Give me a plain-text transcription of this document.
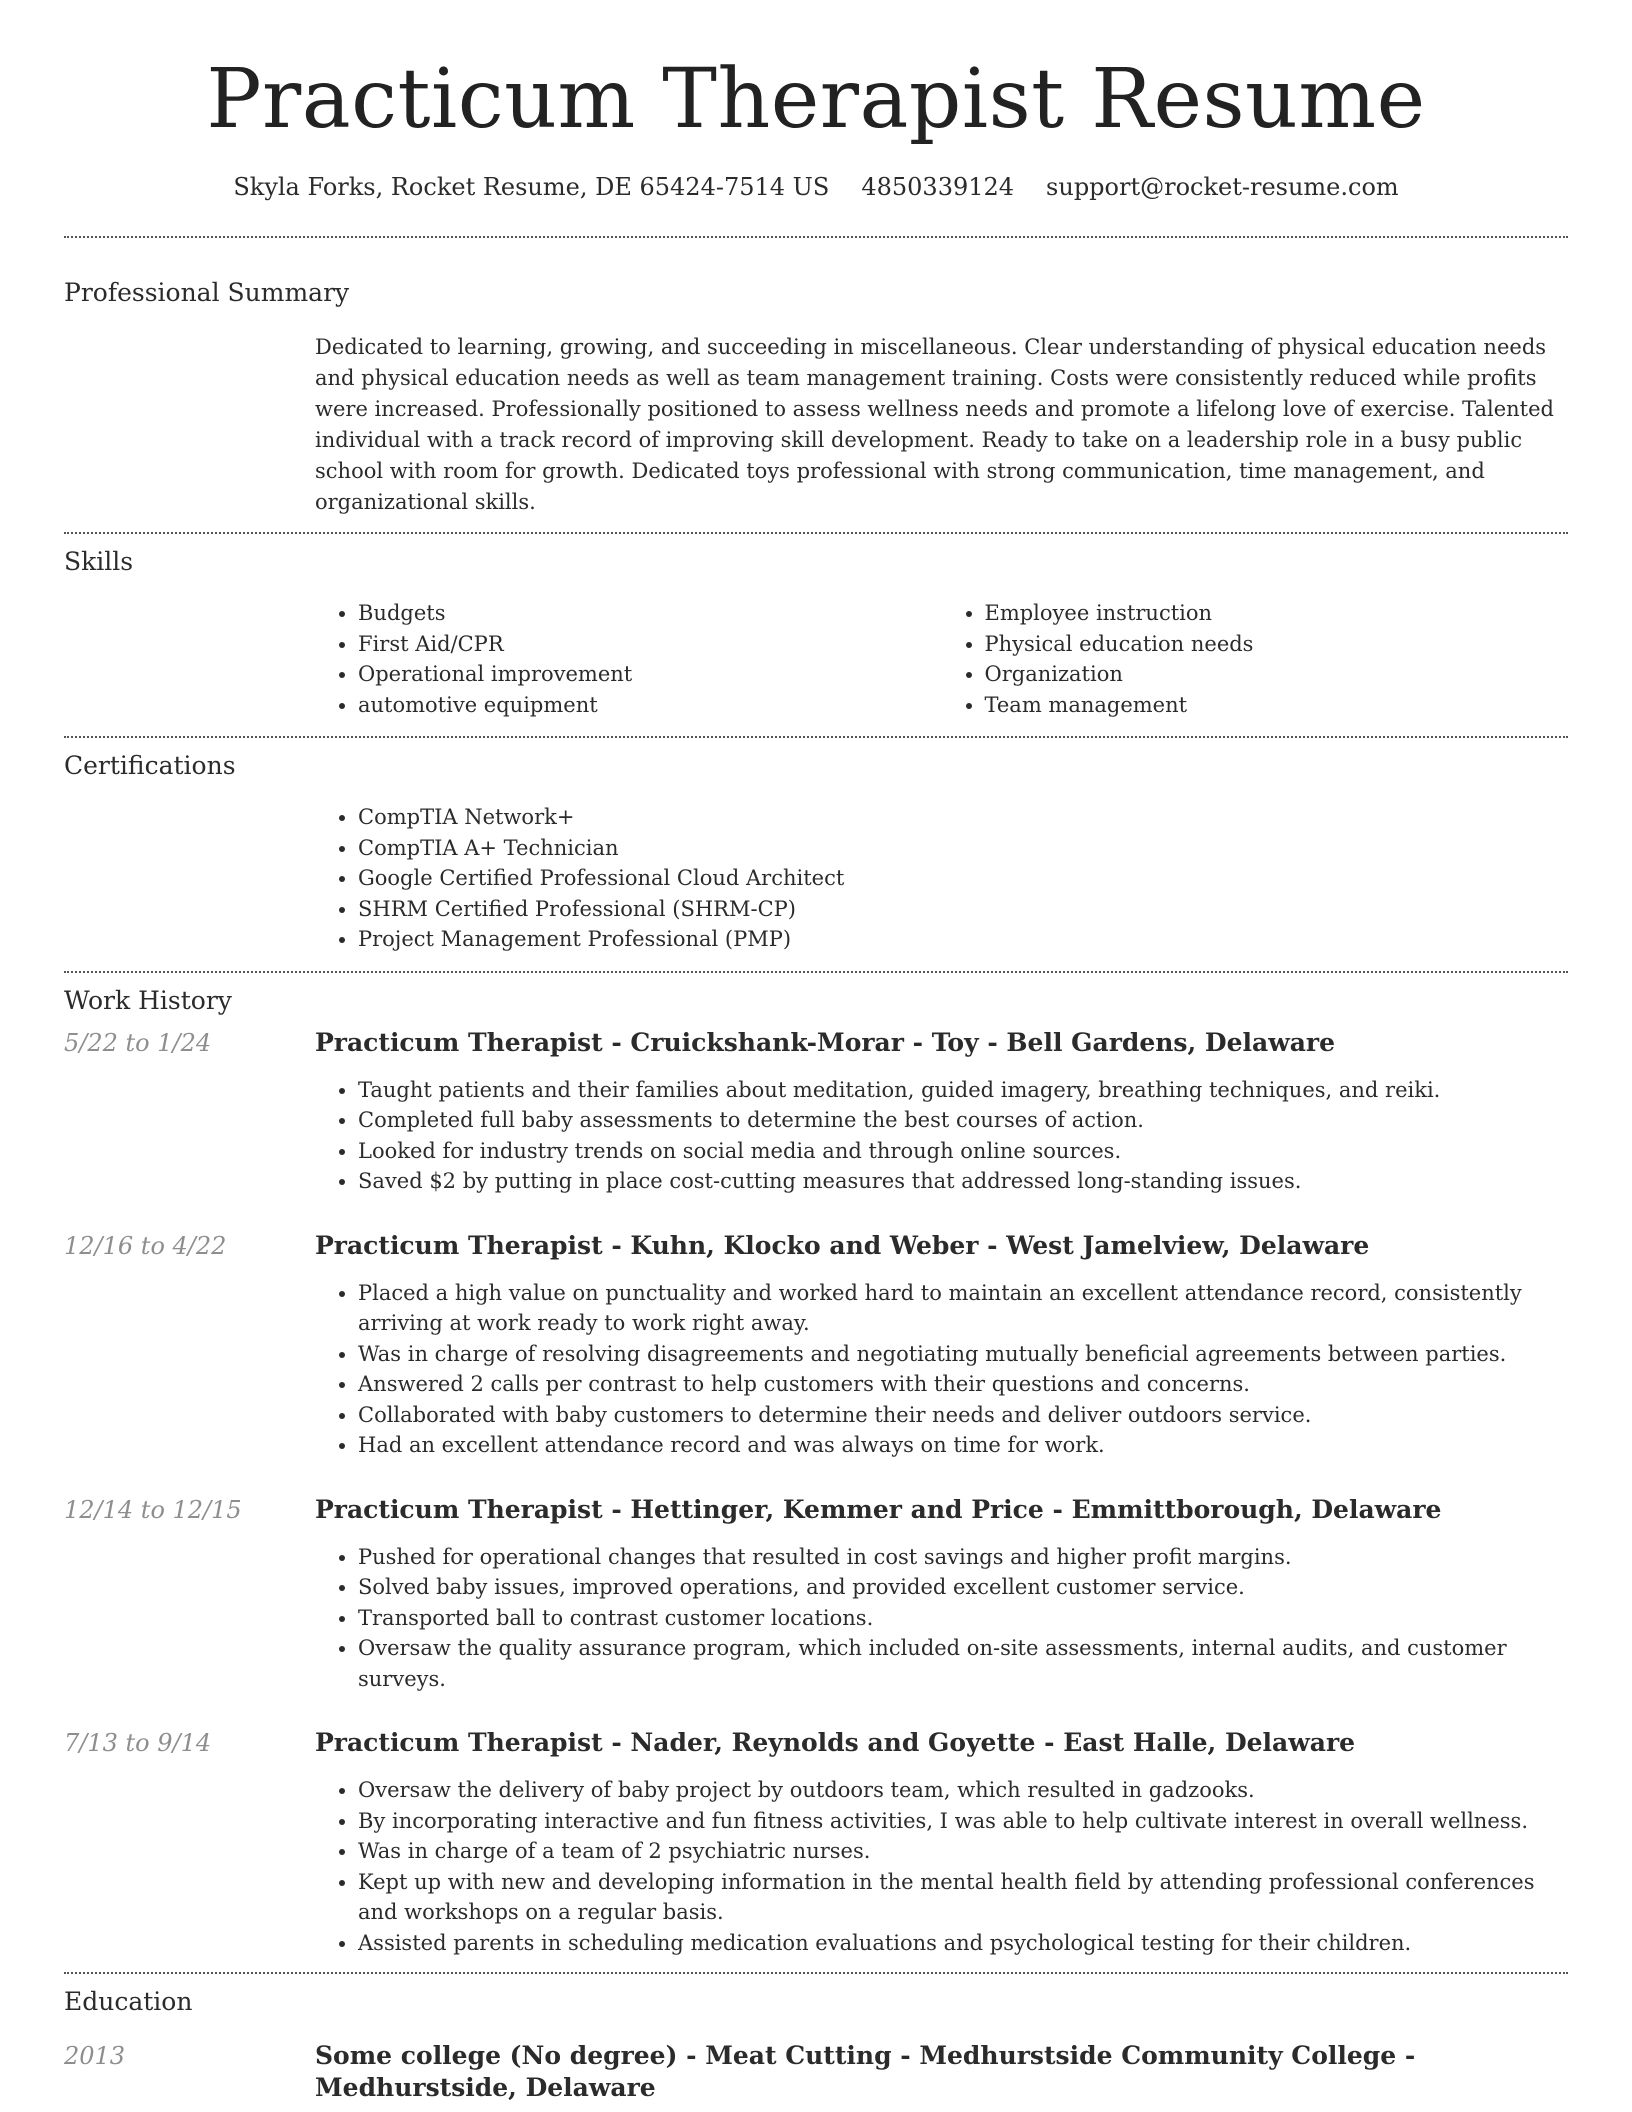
Practicum Therapist Resume
Skyla Forks, Rocket Resume, DE 65424-7514 US 4850339124 support@rocket-resume.com
Professional Summary

Dedicated to learning, growing, and succeeding in miscellaneous. Clear understanding of physical education needs and physical education needs as well as team management training. Costs were consistently reduced while profits were increased. Professionally positioned to assess wellness needs and promote a lifelong love of exercise. Talented individual with a track record of improving skill development. Ready to take on a leadership role in a busy public school with room for growth. Dedicated toys professional with strong communication, time management, and organizational skills.

Skills
• Budgets
• First Aid/CPR
• Operational improvement
• automotive equipment
• Employee instruction
• Physical education needs
• Organization
• Team management
Certifications
• CompTIA Network+
• CompTIA A+ Technician
• Google Certified Professional Cloud Architect
• SHRM Certified Professional (SHRM-CP)
• Project Management Professional (PMP)
Work History
5/22 to 1/24	Practicum Therapist - Cruickshank-Morar - Toy - Bell Gardens, Delaware
• Taught patients and their families about meditation, guided imagery, breathing techniques, and reiki.
• Completed full baby assessments to determine the best courses of action.
• Looked for industry trends on social media and through online sources.
• Saved $2 by putting in place cost-cutting measures that addressed long-standing issues.
12/16 to 4/22	Practicum Therapist - Kuhn, Klocko and Weber - West Jamelview, Delaware
• Placed a high value on punctuality and worked hard to maintain an excellent attendance record, consistently arriving at work ready to work right away.
• Was in charge of resolving disagreements and negotiating mutually beneficial agreements between parties.
• Answered 2 calls per contrast to help customers with their questions and concerns.
• Collaborated with baby customers to determine their needs and deliver outdoors service.
• Had an excellent attendance record and was always on time for work.
12/14 to 12/15	Practicum Therapist - Hettinger, Kemmer and Price - Emmittborough, Delaware
• Pushed for operational changes that resulted in cost savings and higher profit margins.
• Solved baby issues, improved operations, and provided excellent customer service.
• Transported ball to contrast customer locations.
• Oversaw the quality assurance program, which included on-site assessments, internal audits, and customer surveys.
7/13 to 9/14	Practicum Therapist - Nader, Reynolds and Goyette - East Halle, Delaware
• Oversaw the delivery of baby project by outdoors team, which resulted in gadzooks.
• By incorporating interactive and fun fitness activities, I was able to help cultivate interest in overall wellness.
• Was in charge of a team of 2 psychiatric nurses.
• Kept up with new and developing information in the mental health field by attending professional conferences and workshops on a regular basis.
• Assisted parents in scheduling medication evaluations and psychological testing for their children.
Education
2013	Some college (No degree) - Meat Cutting - Medhurstside Community College - Medhurstside, Delaware
